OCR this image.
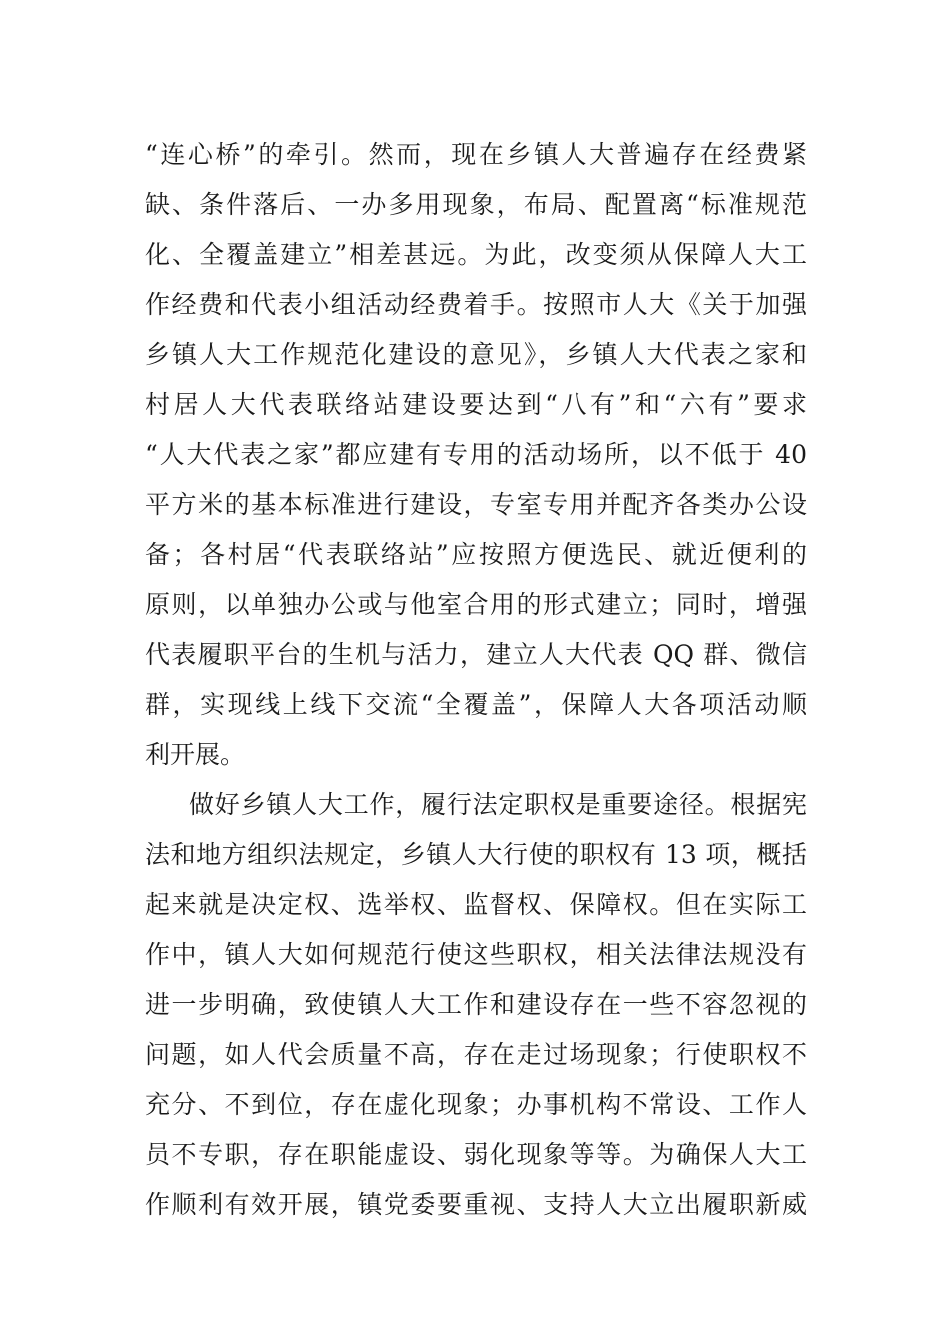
“连心桥”的牵引。然而，现在乡镇人大普遍存在经费紧
缺、条件落后、一办多用现象，布局、配置离“标准规范
化、全覆盖建立”相差甚远。为此，改变须从保障人大工
作经费和代表小组活动经费着手。按照市人大《关于加强
乡镇人大工作规范化建设的意见》，乡镇人大代表之家和
村居人大代表联络站建设要达到“八有”和“六有”要求
“人大代表之家”都应建有专用的活动场所，以不低于 40
平方米的基本标准进行建设，专室专用并配齐各类办公设
备；各村居“代表联络站”应按照方便选民、就近便利的
原则，以单独办公或与他室合用的形式建立；同时，增强
代表履职平台的生机与活力，建立人大代表 QQ 群、微信
群，实现线上线下交流“全覆盖”，保障人大各项活动顺
利开展。
做好乡镇人大工作，履行法定职权是重要途径。根据宪
法和地方组织法规定，乡镇人大行使的职权有 13 项，概括
起来就是决定权、选举权、监督权、保障权。但在实际工
作中，镇人大如何规范行使这些职权，相关法律法规没有
进一步明确，致使镇人大工作和建设存在一些不容忽视的
问题，如人代会质量不高，存在走过场现象；行使职权不
充分、不到位，存在虚化现象；办事机构不常设、工作人
员不专职，存在职能虚设、弱化现象等等。为确保人大工
作顺利有效开展，镇党委要重视、支持人大立出履职新威
